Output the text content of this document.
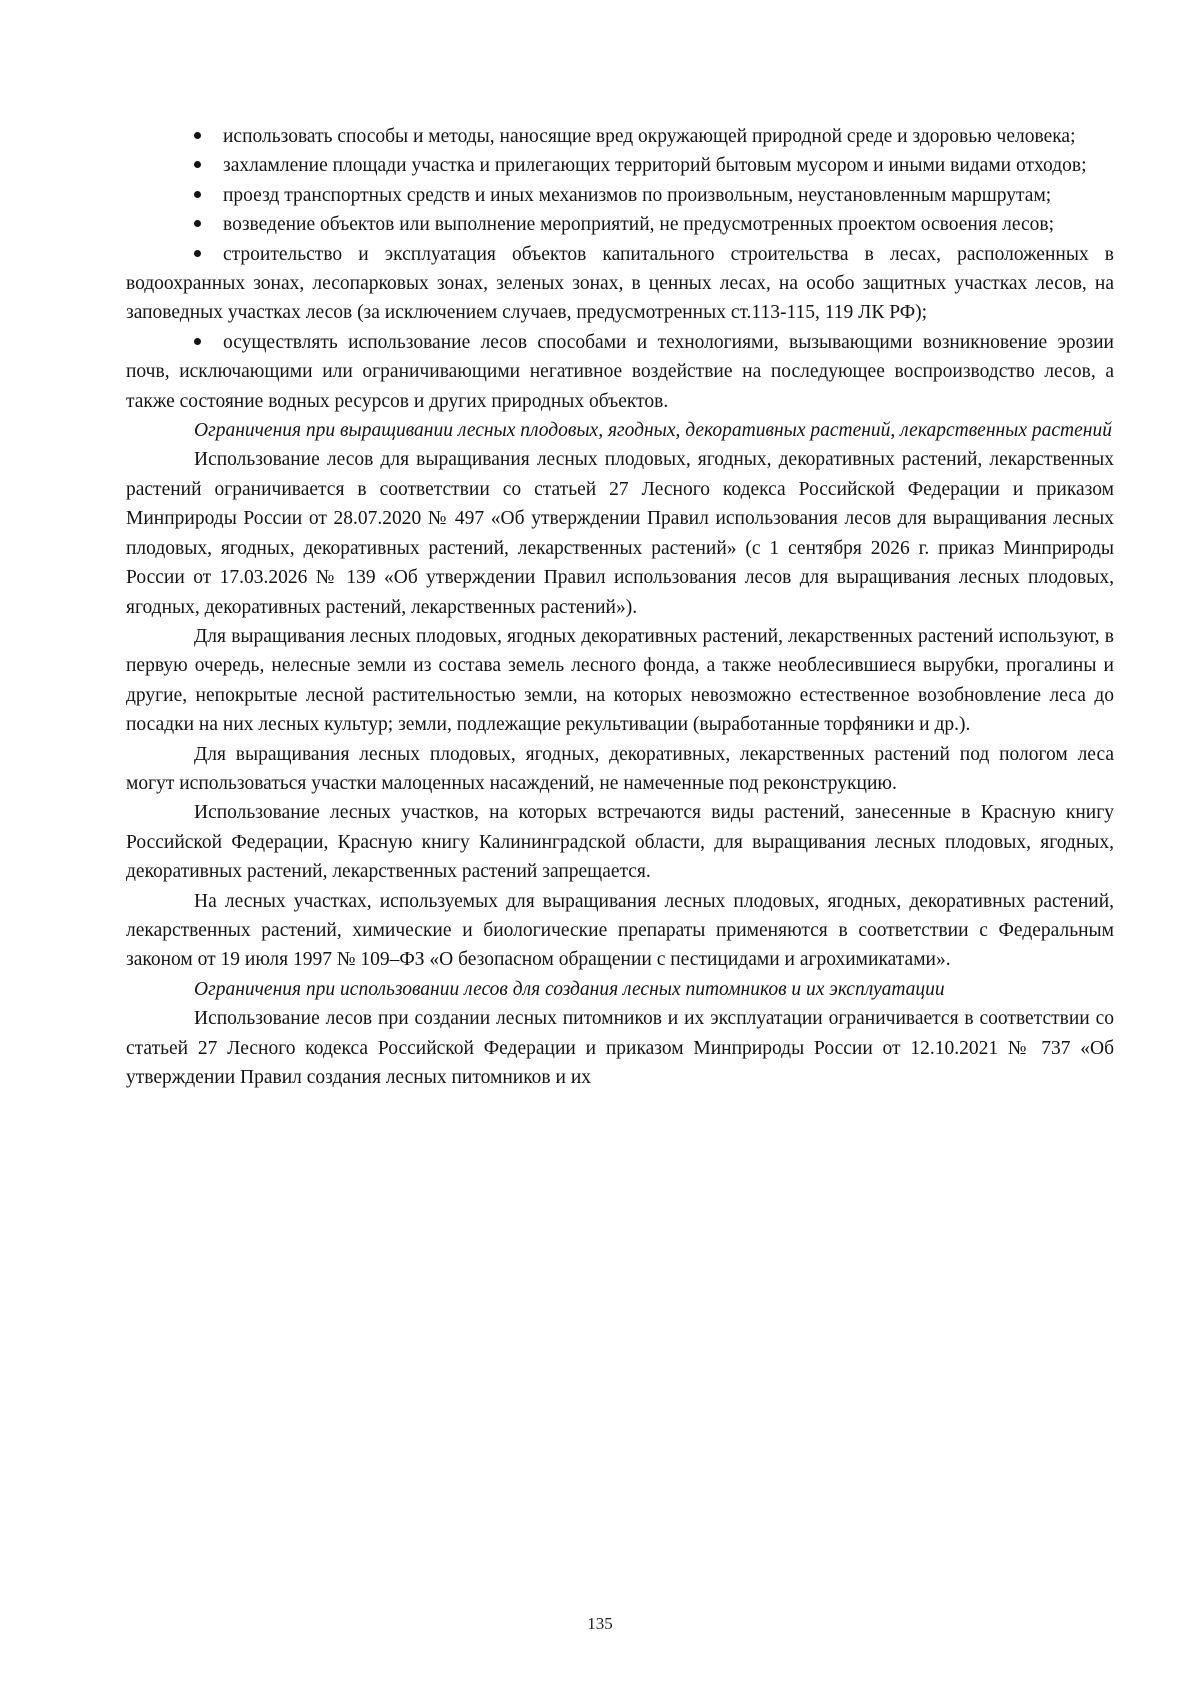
использовать способы и методы, наносящие вред окружающей природной среде и здоровью человека;

захламление площади участка и прилегающих территорий бытовым мусором и иными видами отходов;

проезд транспортных средств и иных механизмов по произвольным, неустановленным маршрутам;

возведение объектов или выполнение мероприятий, не предусмотренных проектом освоения лесов;

строительство и эксплуатация объектов капитального строительства в лесах, расположенных в водоохранных зонах, лесопарковых зонах, зеленых зонах, в ценных лесах, на особо защитных участках лесов, на заповедных участках лесов (за исключением случаев, предусмотренных ст.113-115, 119 ЛК РФ);

осуществлять использование лесов способами и технологиями, вызывающими возникновение эрозии почв, исключающими или ограничивающими негативное воздействие на последующее воспроизводство лесов, а также состояние водных ресурсов и других природных объектов.

Ограничения при выращивании лесных плодовых, ягодных, декоративных растений, лекарственных растений

Использование лесов для выращивания лесных плодовых, ягодных, декоративных растений, лекарственных растений ограничивается в соответствии со статьей 27 Лесного кодекса Российской Федерации и приказом Минприроды России от 28.07.2020 № 497 «Об утверждении Правил использования лесов для выращивания лесных плодовых, ягодных, декоративных растений, лекарственных растений» (с 1 сентября 2026 г. приказ Минприроды России от 17.03.2026 № 139 «Об утверждении Правил использования лесов для выращивания лесных плодовых, ягодных, декоративных растений, лекарственных растений»).

Для выращивания лесных плодовых, ягодных декоративных растений, лекарственных растений используют, в первую очередь, нелесные земли из состава земель лесного фонда, а также необлесившиеся вырубки, прогалины и другие, непокрытые лесной растительностью земли, на которых невозможно естественное возобновление леса до посадки на них лесных культур; земли, подлежащие рекультивации (выработанные торфяники и др.).

Для выращивания лесных плодовых, ягодных, декоративных, лекарственных растений под пологом леса могут использоваться участки малоценных насаждений, не намеченные под реконструкцию.

Использование лесных участков, на которых встречаются виды растений, занесенные в Красную книгу Российской Федерации, Красную книгу Калининградской области, для выращивания лесных плодовых, ягодных, декоративных растений, лекарственных растений запрещается.

На лесных участках, используемых для выращивания лесных плодовых, ягодных, декоративных растений, лекарственных растений, химические и биологические препараты применяются в соответствии с Федеральным законом от 19 июля 1997 № 109–ФЗ «О безопасном обращении с пестицидами и агрохимикатами».

Ограничения при использовании лесов для создания лесных питомников и их эксплуатации

Использование лесов при создании лесных питомников и их эксплуатации ограничивается в соответствии со статьей 27 Лесного кодекса Российской Федерации и приказом Минприроды России от 12.10.2021 № 737 «Об утверждении Правил создания лесных питомников и их

135
